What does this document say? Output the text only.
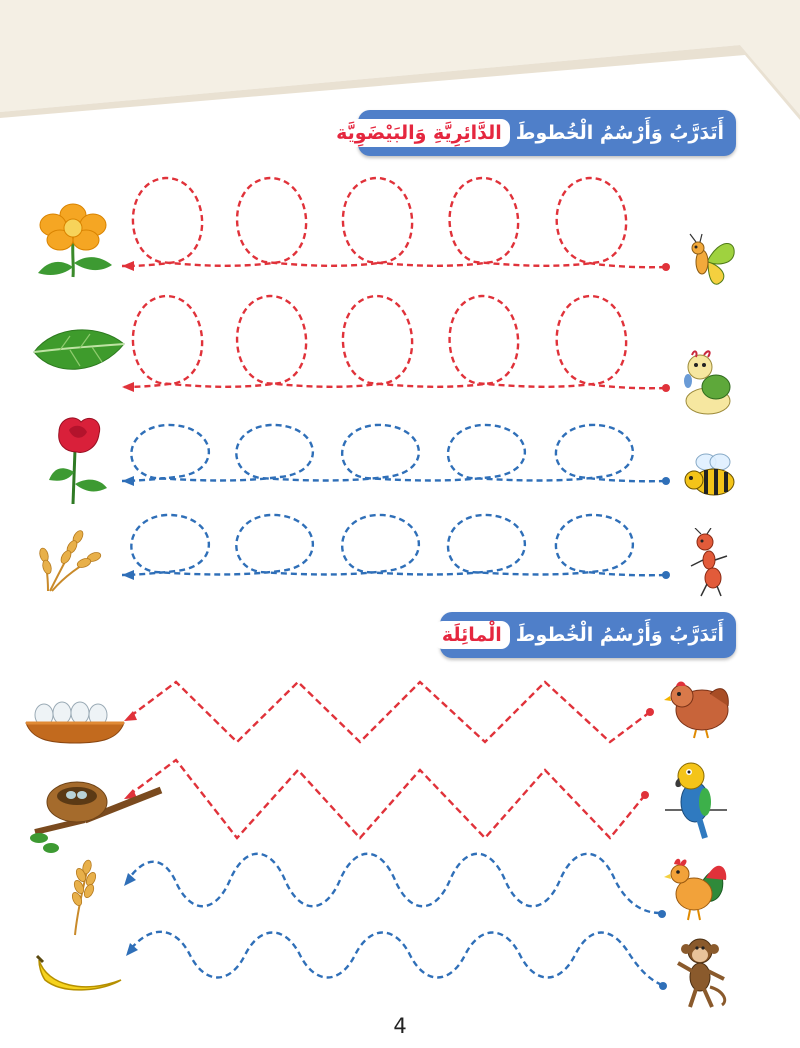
أَتَدَرَّبُ وَأَرْسُمُ الْخُطوطَ
الدَّائِرِيَّةِ وَالبَيْضَوِيَّة
أَتَدَرَّبُ وَأَرْسُمُ الْخُطوطَ
الْمائِلَة
4
